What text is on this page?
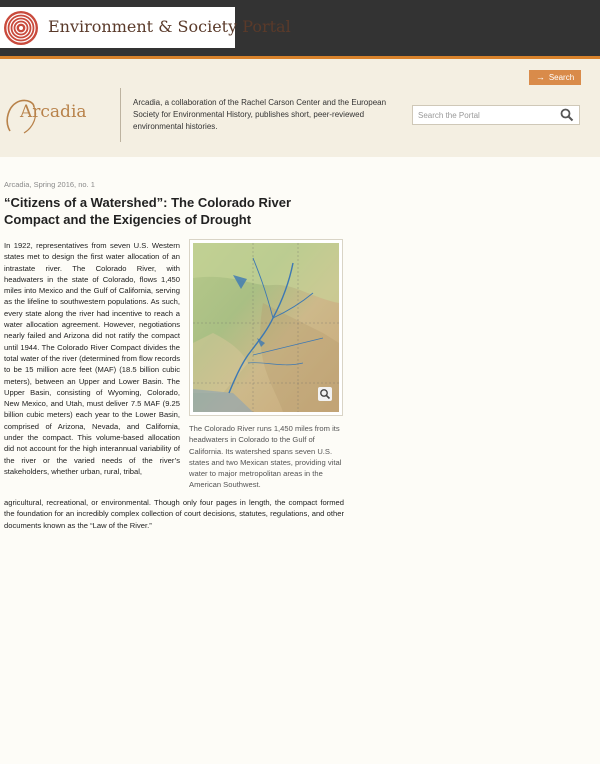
Environment & Society Portal
Arcadia	Arcadia, a collaboration of the Rachel Carson Center and the European Society for Environmental History, publishes short, peer-reviewed environmental histories.

Search the Portal
→ Search
Arcadia, Spring 2016, no. 1
“Citizens of a Watershed”: The Colorado River Compact and the Exigencies of Drought

In 1922, representatives from seven U.S. Western states met to design the first water allocation of an intrastate river. The Colorado River, with headwaters in the state of Colorado, flows 1,450 miles into Mexico and the Gulf of California, serving as the lifeline to southwestern populations. As such, every state along the river had incentive to reach a water allocation agreement. However, negotiations nearly failed and Arizona did not ratify the compact until 1944. The Colorado River Compact divides the total water of the river (determined from flow records to be 15 million acre feet (MAF) (18.5 billion cubic meters), between an Upper and Lower Basin. The Upper Basin, consisting of Wyoming, Colorado, New Mexico, and Utah, must deliver 7.5 MAF (9.25 billion cubic meters) each year to the Lower Basin, comprised of Arizona, Nevada, and California, under the compact. This volume-based allocation did not account for the high interannual variability of the river or the varied needs of the river’s stakeholders, whether urban, rural, tribal,

The Colorado River runs 1,450 miles from its headwaters in Colorado to the Gulf of California. Its watershed spans seven U.S. states and two Mexican states, providing vital water to major metropolitan areas in the American Southwest.

agricultural, recreational, or environmental. Though only four pages in length, the compact formed the foundation for an incredibly complex collection of court decisions, statutes, regulations, and other documents known as the “Law of the River.”
